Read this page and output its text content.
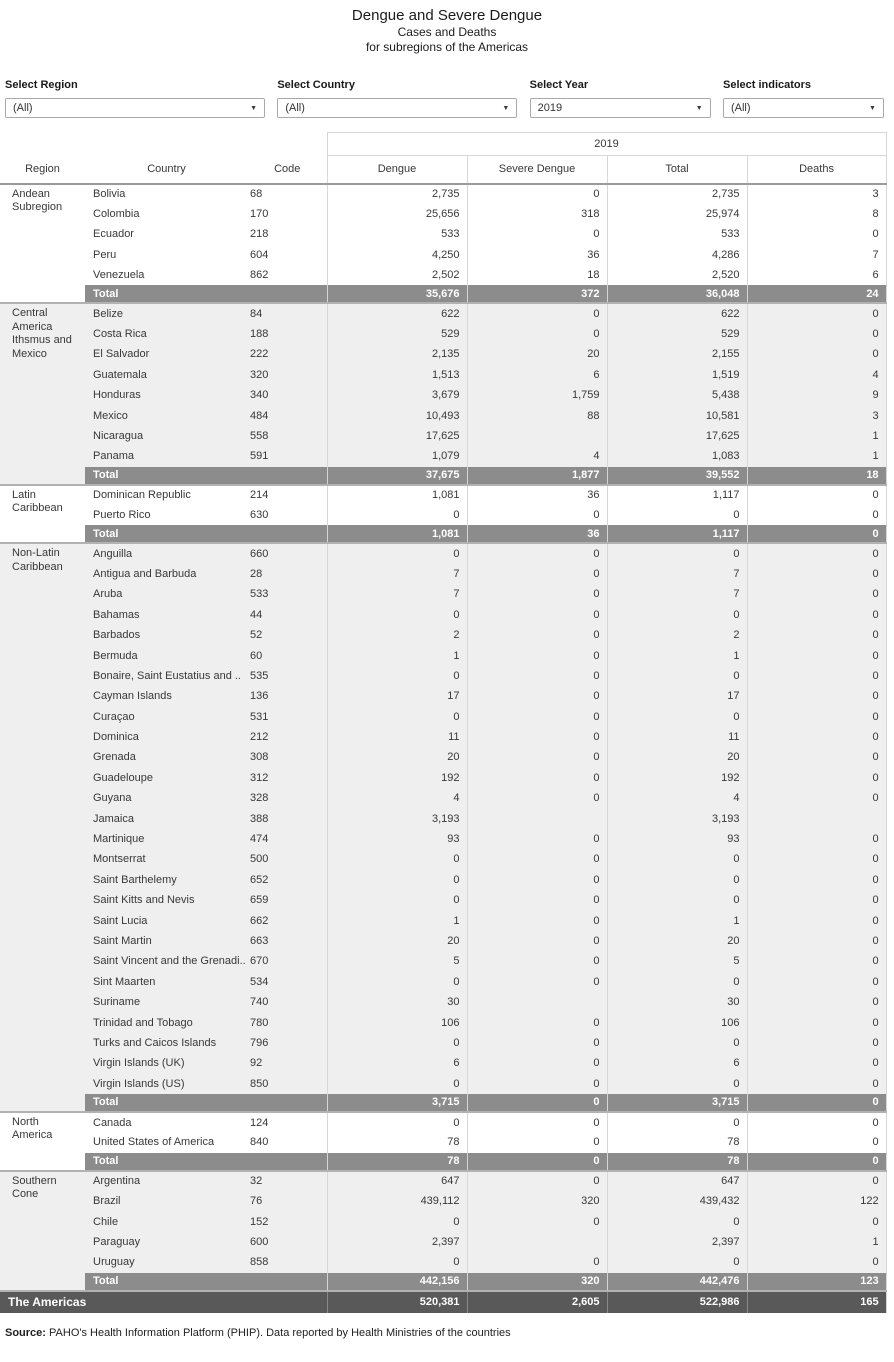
Dengue and Severe Dengue
Cases and Deaths
for subregions of the Americas
Select Region
(All)	▼
Select Country
(All)	▼
Select Year
2019	▼
Select indicators
(All)	▼
			2019			
Region	Country	Code	Dengue	Severe Dengue	Total	Deaths
Andean Subregion	Bolivia	68	2,735	0	2,735	3
	Colombia	170	25,656	318	25,974	8
	Ecuador	218	533	0	533	0
	Peru	604	4,250	36	4,286	7
	Venezuela	862	2,502	18	2,520	6
	Total		35,676	372	36,048	24
Central America Ithsmus and Mexico	Belize	84	622	0	622	0
	Costa Rica	188	529	0	529	0
	El Salvador	222	2,135	20	2,155	0
	Guatemala	320	1,513	6	1,519	4
	Honduras	340	3,679	1,759	5,438	9
	Mexico	484	10,493	88	10,581	3
	Nicaragua	558	17,625		17,625	1
	Panama	591	1,079	4	1,083	1
	Total		37,675	1,877	39,552	18
Latin Caribbean	Dominican Republic	214	1,081	36	1,117	0
	Puerto Rico	630	0	0	0	0
	Total		1,081	36	1,117	0
Non-Latin Caribbean	Anguilla	660	0	0	0	0
	Antigua and Barbuda	28	7	0	7	0
	Aruba	533	7	0	7	0
	Bahamas	44	0	0	0	0
	Barbados	52	2	0	2	0
	Bermuda	60	1	0	1	0
	Bonaire, Saint Eustatius and ..	535	0	0	0	0
	Cayman Islands	136	17	0	17	0
	Curaçao	531	0	0	0	0
	Dominica	212	11	0	11	0
	Grenada	308	20	0	20	0
	Guadeloupe	312	192	0	192	0
	Guyana	328	4	0	4	0
	Jamaica	388	3,193		3,193	
	Martinique	474	93	0	93	0
	Montserrat	500	0	0	0	0
	Saint Barthelemy	652	0	0	0	0
	Saint Kitts and Nevis	659	0	0	0	0
	Saint Lucia	662	1	0	1	0
	Saint Martin	663	20	0	20	0
	Saint Vincent and the Grenadi..	670	5	0	5	0
	Sint Maarten	534	0	0	0	0
	Suriname	740	30		30	0
	Trinidad and Tobago	780	106	0	106	0
	Turks and Caicos Islands	796	0	0	0	0
	Virgin Islands (UK)	92	6	0	6	0
	Virgin Islands (US)	850	0	0	0	0
	Total		3,715	0	3,715	0
North America	Canada	124	0	0	0	0
	United States of America	840	78	0	78	0
	Total		78	0	78	0
Southern Cone	Argentina	32	647	0	647	0
	Brazil	76	439,112	320	439,432	122
	Chile	152	0	0	0	0
	Paraguay	600	2,397		2,397	1
	Uruguay	858	0	0	0	0
	Total		442,156	320	442,476	123
The Americas			520,381	2,605	522,986	165
Source: PAHO's Health Information Platform (PHIP). Data reported by Health Ministries of the countries
